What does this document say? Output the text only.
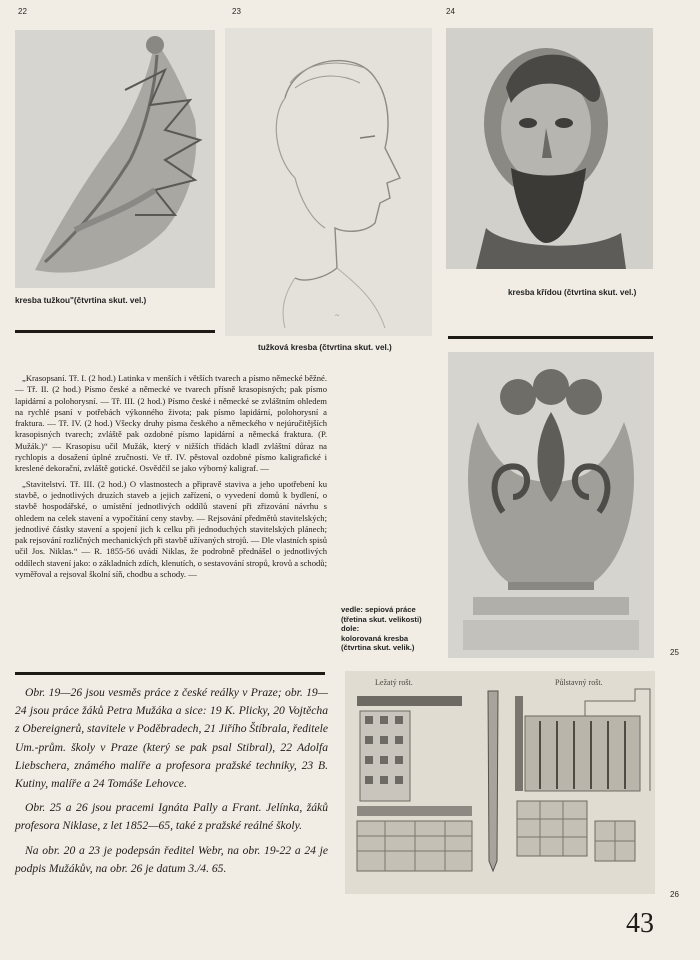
22	23	24
kresba tužkou"(čtvrtina skut. vel.)
~
tužková kresba (čtvrtina skut. vel.)
kresba křídou (čtvrtina skut. vel.)

„Krasopsaní. Tř. I. (2 hod.) Latinka v menších i větších tvarech a písmo německé běžné. — Tř. II. (2 hod.) Písmo české a německé ve tvarech přísně krasopisných; pak písmo lapidární a polohorysní. — Tř. III. (2 hod.) Písmo české i německé se zvláštním ohledem na rychlé psaní v potřebách výkonného života; pak písmo lapidární, polohorysní a fraktura. — Tř. IV. (2 hod.) Všecky druhy písma českého a německého v nejúručitějších krasopisných tvarech; zvláště pak ozdobné písmo lapidární a německá fraktura. (P. Mužák.)“ — Krasopisu učil Mužák, který v nižších třídách kladl zvláštní důraz na rychlopis a dosažení úplné zručnosti. Ve tř. IV. pěstoval ozdobné písmo kaligrafické i kreslené dekorační, zvláště gotické. Osvědčil se jako výborný kaligraf. —

„Stavitelství. Tř. III. (2 hod.) O vlastnostech a připravě staviva a jeho upotřebení ku stavbě, o jednotlivých druzích staveb a jejich zařízení, o vyvedení domů k bydlení, o stavbě hospodářské, o umístění jednotlivých oddílů stavení při zřizování návrhu s ohledem na celek stavení a vypočítání ceny stavby. — Rejsování předmětů stavitelských; jednotlivé částky stavení a spojení jich k celku při jednoduchých stavitelských plánech; pak rejsování rozličných mechanických při stavbě užívaných strojů. — Dle vlastních spisů učil Jos. Niklas.“ — R. 1855-56 uvádí Niklas, že podrobně přednášel o jednotlivých oddílech stavení jako: o základních zdích, klenutích, o sestavování stropů, krovů a schodů; vyměřoval a rejsoval školní síň, chodbu a schody. —

vedle: sepiová práce
(třetina skut. velikosti)
dole:
kolorovaná kresba
(čtvrtina skut. velik.)
25

Obr. 19—26 jsou vesměs práce z české reálky v Praze; obr. 19—24 jsou práce žáků Petra Mužáka a sice: 19 K. Plicky, 20 Vojtěcha z Obereignerů, stavitele v Poděbradech, 21 Jiřího Štíbrala, ředitele Um.-prům. školy v Praze (který se pak psal Stibral), 22 Adolfa Liebschera, známého malíře a profesora pražské techniky, 23 B. Kutiny, malíře a 24 Tomáše Lehovce.

Obr. 25 a 26 jsou pracemi Ignáta Pally a Frant. Jelínka, žáků profesora Niklase, z let 1852—65, také z pražské reálné školy.

Na obr. 20 a 23 je podepsán ředitel Webr, na obr. 19-22 a 24 je podpis Mužákův, na obr. 26 je datum 3./4. 65.

Ležatý rošt.	Půlstavný rošt.
26
43
